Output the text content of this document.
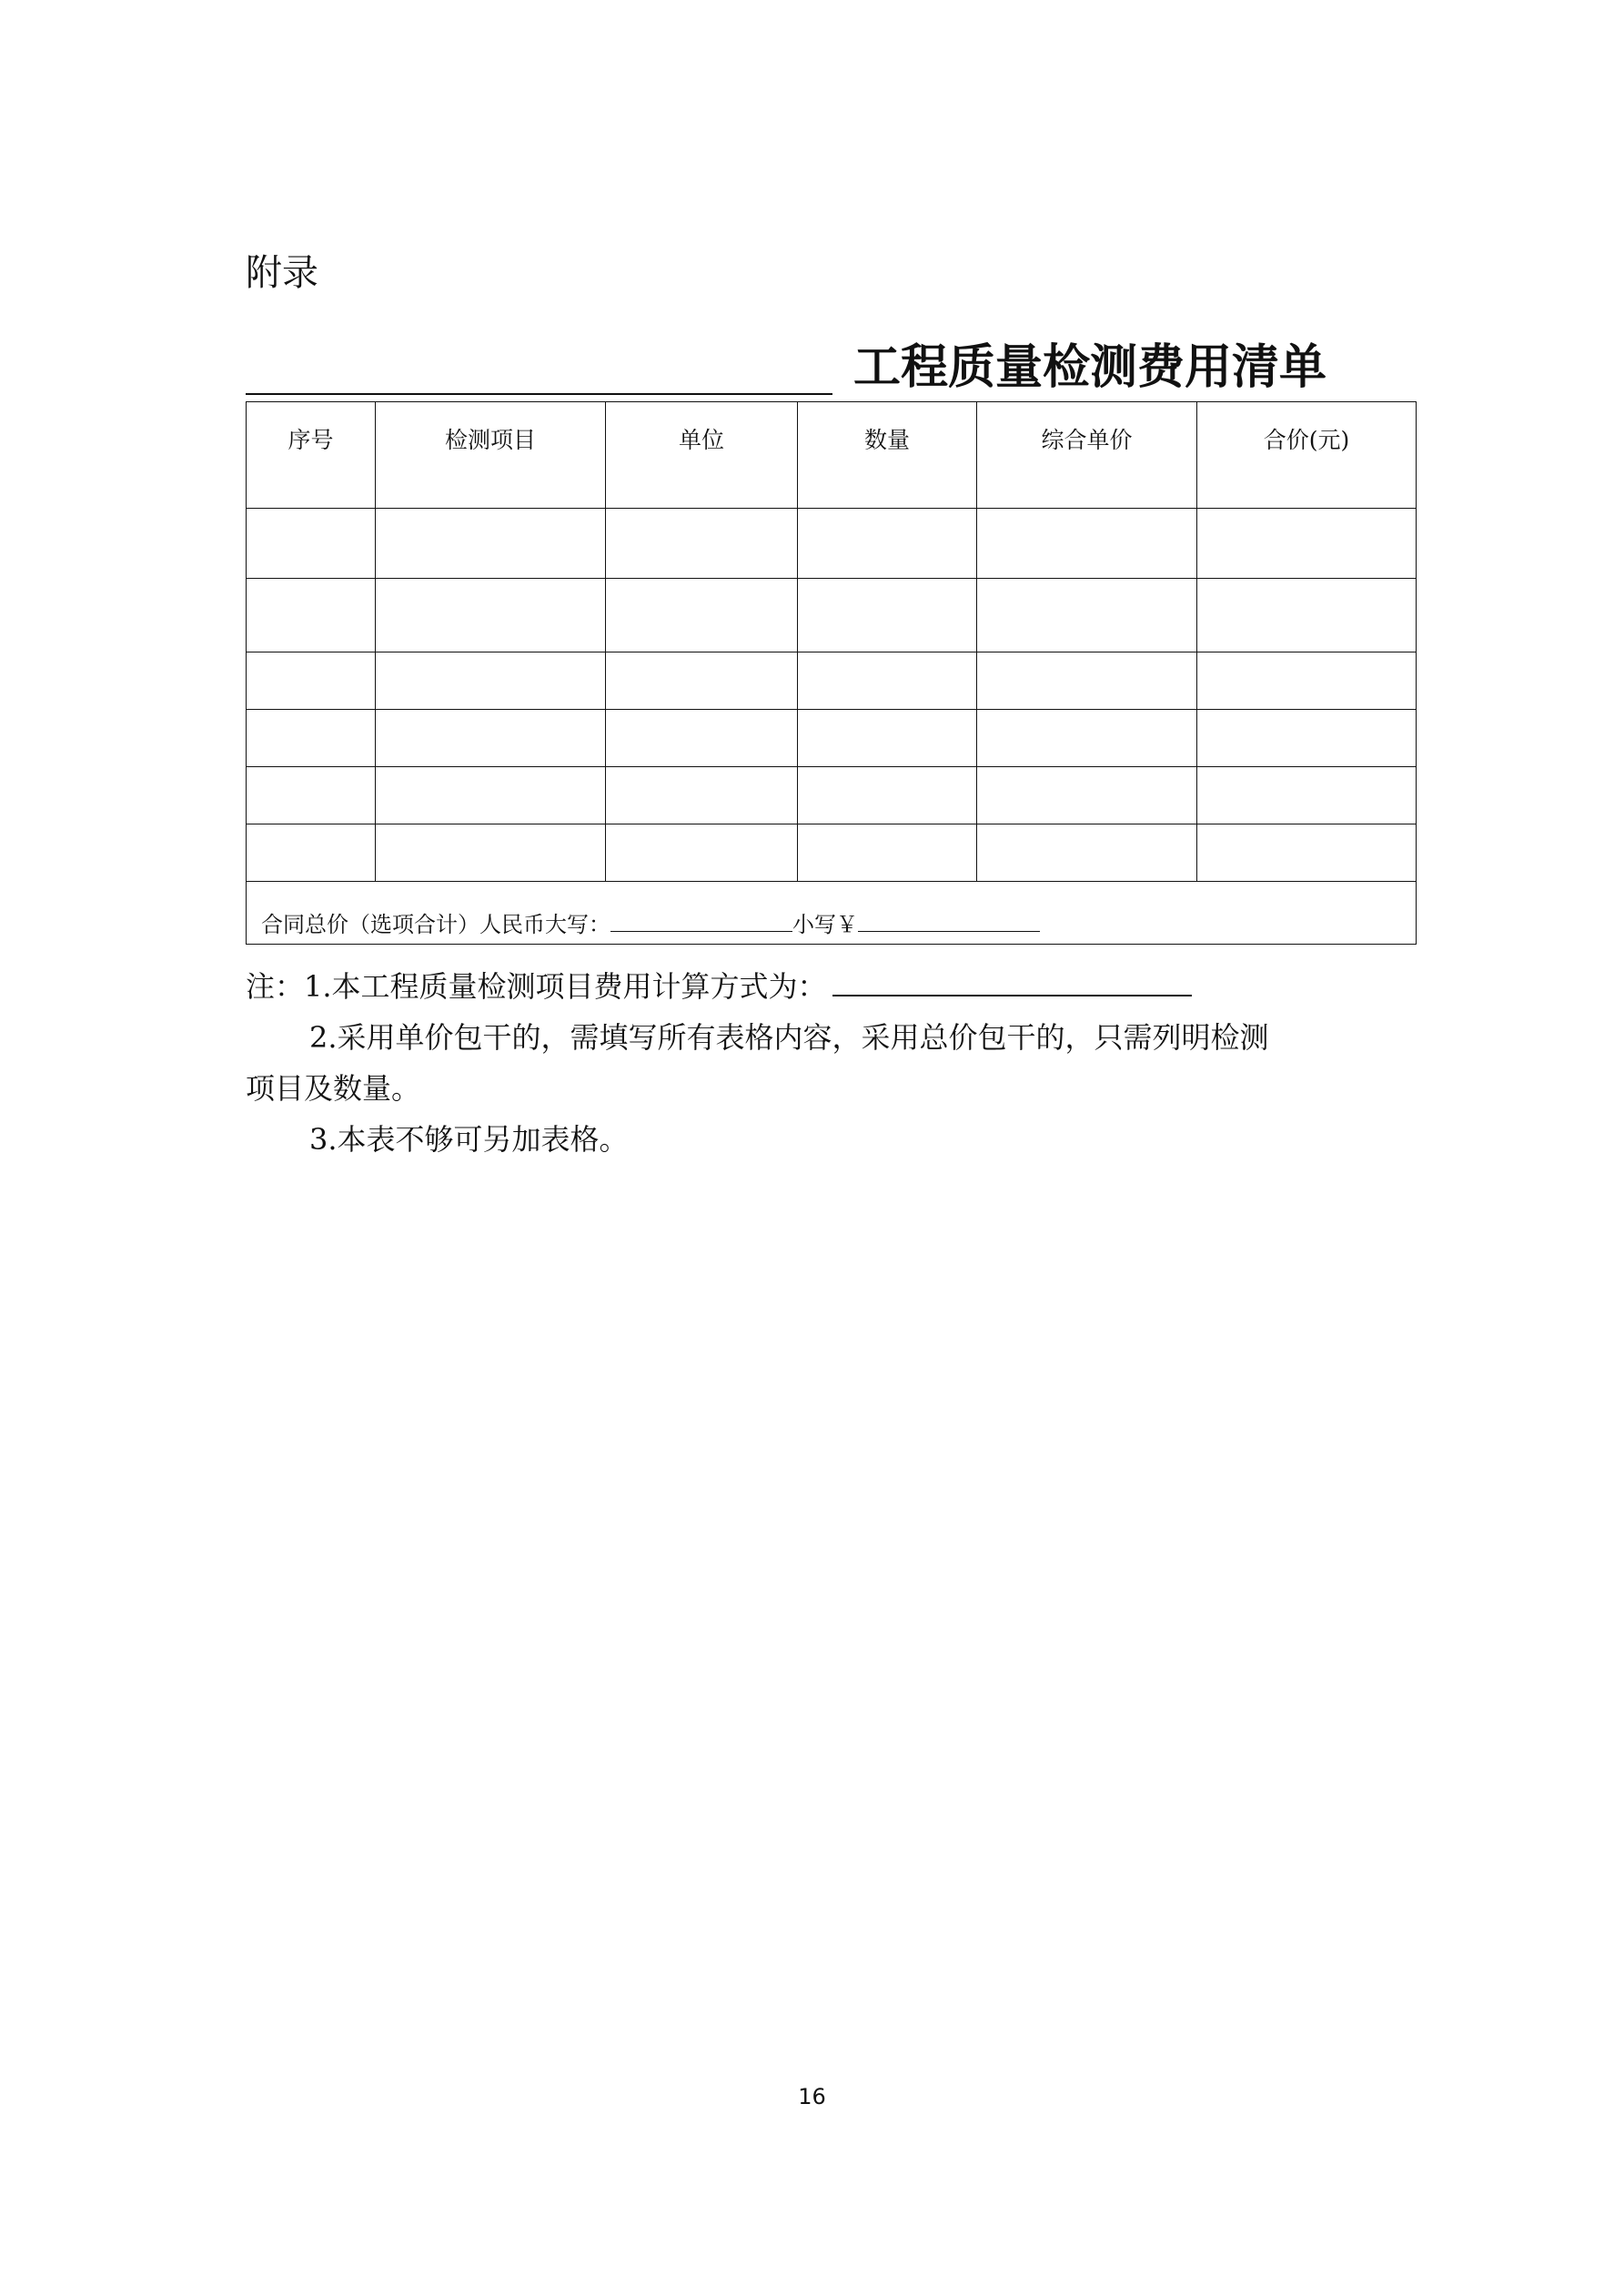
附录
工程质量检测费用清单
序号	检测项目	单位	数量	综合单价	合价(元)

合同总价（选项合计）人民币大写： 小写￥					

注：1.本工程质量检测项目费用计算方式为：

2.采用单价包干的，需填写所有表格内容，采用总价包干的，只需列明检测

项目及数量。

3.本表不够可另加表格。

16
